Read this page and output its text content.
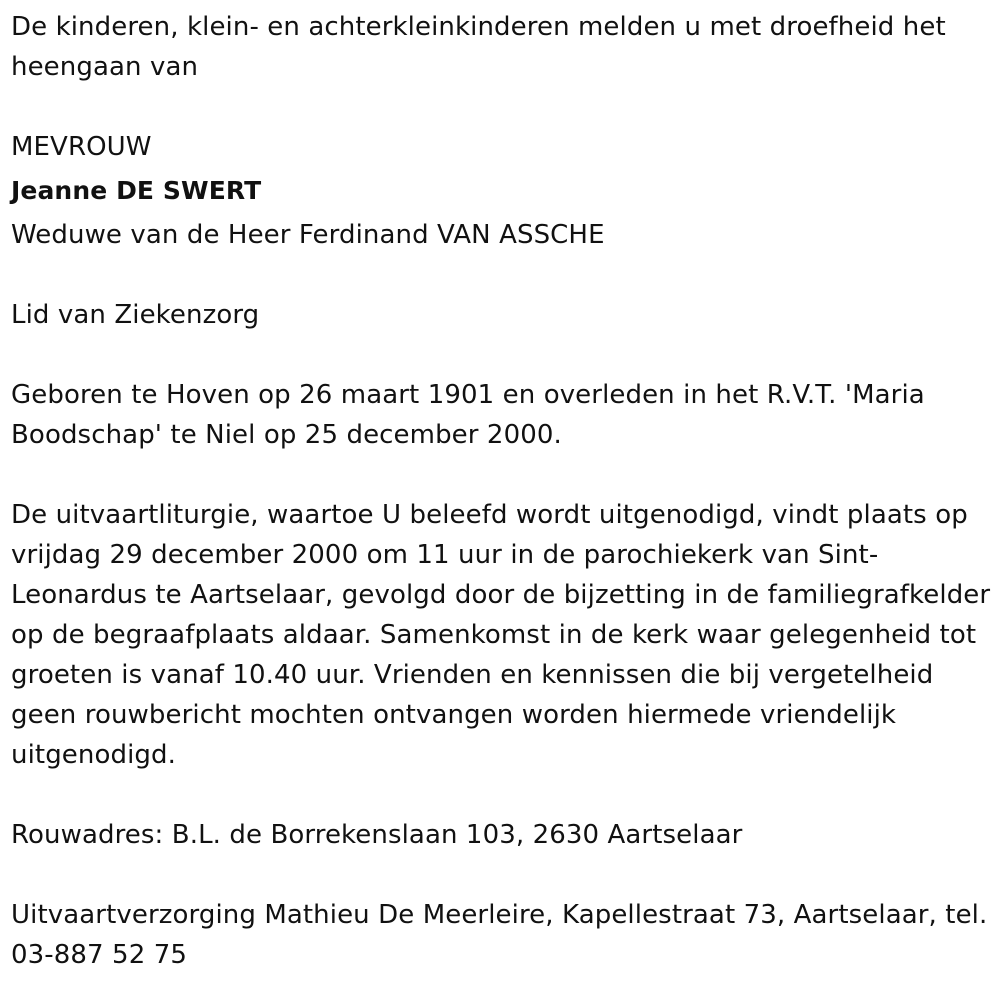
De kinderen, klein- en achterkleinkinderen melden u met droefheid het heengaan van

MEVROUW

Jeanne DE SWERT

Weduwe van de Heer Ferdinand VAN ASSCHE

Lid van Ziekenzorg

Geboren te Hoven op 26 maart 1901 en overleden in het R.V.T. 'Maria Boodschap' te Niel op 25 december 2000.

De uitvaartliturgie, waartoe U beleefd wordt uitgenodigd, vindt plaats op vrijdag 29 december 2000 om 11 uur in de parochiekerk van Sint-Leonardus te Aartselaar, gevolgd door de bijzetting in de familiegrafkelder op de begraafplaats aldaar. Samenkomst in de kerk waar gelegenheid tot groeten is vanaf 10.40 uur. Vrienden en kennissen die bij vergetelheid geen rouwbericht mochten ontvangen worden hiermede vriendelijk uitgenodigd.

Rouwadres: B.L. de Borrekenslaan 103, 2630 Aartselaar

Uitvaartverzorging Mathieu De Meerleire, Kapellestraat 73, Aartselaar, tel. 03-887 52 75
